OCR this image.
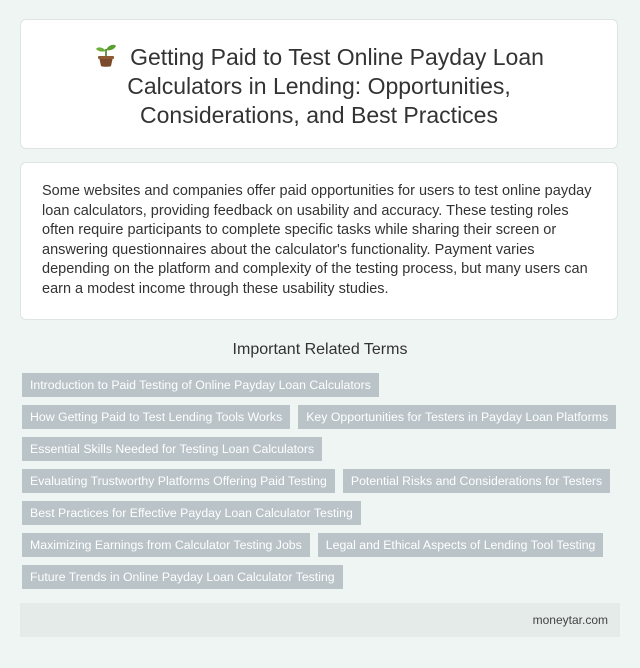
Getting Paid to Test Online Payday Loan Calculators in Lending: Opportunities, Considerations, and Best Practices

Some websites and companies offer paid opportunities for users to test online payday loan calculators, providing feedback on usability and accuracy. These testing roles often require participants to complete specific tasks while sharing their screen or answering questionnaires about the calculator's functionality. Payment varies depending on the platform and complexity of the testing process, but many users can earn a modest income through these usability studies.

Important Related Terms
Introduction to Paid Testing of Online Payday Loan Calculators
How Getting Paid to Test Lending Tools Works	Key Opportunities for Testers in Payday Loan Platforms
Essential Skills Needed for Testing Loan Calculators
Evaluating Trustworthy Platforms Offering Paid Testing	Potential Risks and Considerations for Testers
Best Practices for Effective Payday Loan Calculator Testing
Maximizing Earnings from Calculator Testing Jobs	Legal and Ethical Aspects of Lending Tool Testing
Future Trends in Online Payday Loan Calculator Testing
moneytar.com
